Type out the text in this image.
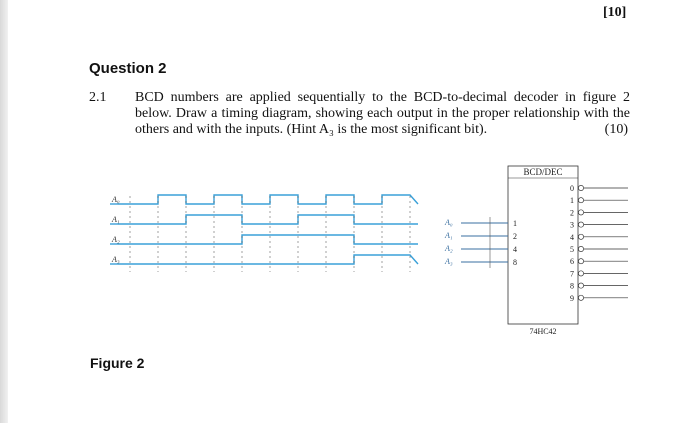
[10]
Question 2
2.1 BCD numbers are applied sequentially to the BCD-to-decimal decoder in figure 2 below. Draw a timing diagram, showing each output in the proper relationship with the others and with the inputs. (Hint A₃ is the most significant bit).	(10)
A₀
A₁
A₂
A₃
BCD/DEC
74HC42
A₀	1
A₁	2
A₂	4
A₃	8
0
1
2
3
4
5
6
7
8
9
Figure 2
